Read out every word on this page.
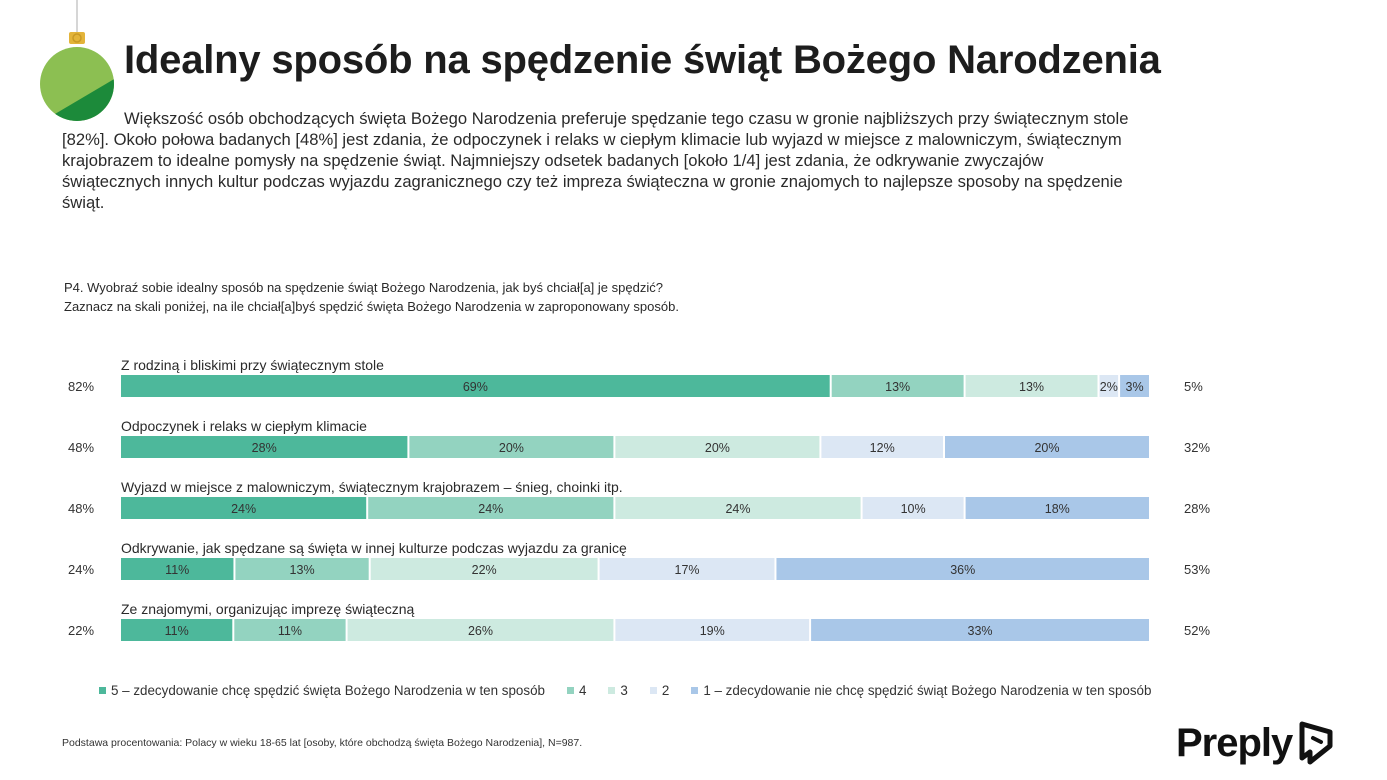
Idealny sposób na spędzenie świąt Bożego Narodzenia

Większość osób obchodzących święta Bożego Narodzenia preferuje spędzanie tego czasu w gronie najbliższych przy świątecznym stole [82%]. Około połowa badanych [48%] jest zdania, że odpoczynek i relaks w ciepłym klimacie lub wyjazd w miejsce z malowniczym, świątecznym krajobrazem to idealne pomysły na spędzenie świąt. Najmniejszy odsetek badanych [około 1/4] jest zdania, że odkrywanie zwyczajów świątecznych innych kultur podczas wyjazdu zagranicznego czy też impreza świąteczna w gronie znajomych to najlepsze sposoby na spędzenie świąt.

P4. Wyobraź sobie idealny sposób na spędzenie świąt Bożego Narodzenia, jak byś chciał[a] je spędzić?
Zaznacz na skali poniżej, na ile chciał[a]byś spędzić święta Bożego Narodzenia w zaproponowany sposób.
Z rodziną i bliskimi przy świątecznym stole
82%	5%
69%	13%	13%	2% 3%
Odpoczynek i relaks w ciepłym klimacie
48%	32%
28%	20%	20%	12%	20%
Wyjazd w miejsce z malowniczym, świątecznym krajobrazem – śnieg, choinki itp.
48%	28%
24%	24%	24%	10%	18%
Odkrywanie, jak spędzane są święta w innej kulturze podczas wyjazdu za granicę
24%	53%
11%	13%	22%	17%	36%
Ze znajomymi, organizując imprezę świąteczną
22%	52%
11%	11%	26%	19%	33%
5 – zdecydowanie chcę spędzić święta Bożego Narodzenia w ten sposób	4	3	2	1 – zdecydowanie nie chcę spędzić świąt Bożego Narodzenia w ten sposób
Podstawa procentowania: Polacy w wieku 18-65 lat [osoby, które obchodzą święta Bożego Narodzenia], N=987.	Preply
